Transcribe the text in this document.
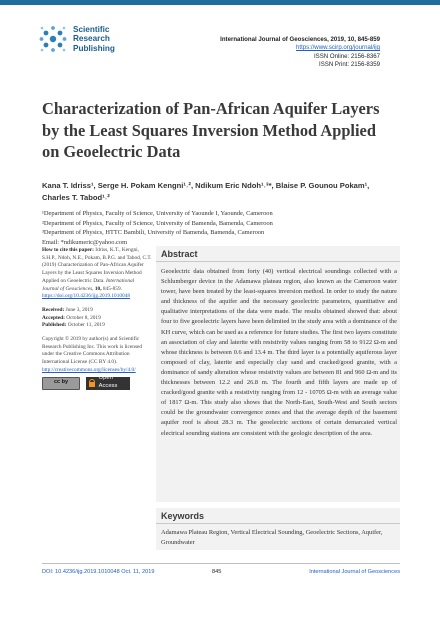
Scientific
Research
Publishing
International Journal of Geosciences, 2019, 10, 845-859
https://www.scirp.org/journal/ijg
ISSN Online: 2156-8367
ISSN Print: 2156-8359
Characterization of Pan-African Aquifer Layers by the Least Squares Inversion Method Applied on Geoelectric Data
Kana T. Idriss¹, Serge H. Pokam Kengni¹˒², Ndikum Eric Ndoh¹˒³*, Blaise P. Gounou Pokam¹,
Charles T. Tabod¹˒²
¹Department of Physics, Faculty of Science, University of Yaounde I, Yaounde, Cameroon
²Department of Physics, Faculty of Science, University of Bamenda, Bamenda, Cameroon
³Department of Physics, HTTC Bambili, University of Bamenda, Bamenda, Cameroon
Email: *ndikumeric@yahoo.com
How to cite this paper: Idriss, K.T., Kengni, S.H.P., Ndoh, N.E., Pokam, B.P.G. and Tabod, C.T. (2019) Characterization of Pan-African Aquifer Layers by the Least Squares Inversion Method Applied on Geoelectric Data. International Journal of Geosciences, 10, 845-859.
https://doi.org/10.4236/ijg.2019.1010048
Received: June 3, 2019
Accepted: October 8, 2019
Published: October 11, 2019
Copyright © 2019 by author(s) and Scientific Research Publishing Inc. This work is licensed under the Creative Commons Attribution International License (CC BY 4.0).
http://creativecommons.org/licenses/by/4.0/
cc by
Open Access
Abstract
Geoelectric data obtained from forty (40) vertical electrical soundings collected with a Schlumberger device in the Adamawa plateau region, also known as the Cameroon water tower, have been treated by the least-squares inversion method. In order to study the nature and thickness of the aquifer and the necessary geoelectric parameters, quantitative and qualitative interpretations of the data were made. The results obtained showed that: about four to five geoelectric layers have been delimited in the study area with a dominance of the KH curve, which can be used as a reference for future studies. The first two layers constitute an association of clay and laterite with resistivity values ranging from 58 to 9122 Ω-m and whose thickness is between 0.6 and 13.4 m. The third layer is a potentially aquiferous layer composed of clay, laterite and especially clay sand and cracked/good granite, with a dominance of sandy alteration whose resistivity values are between 81 and 960 Ω-m and its thicknesses between 12.2 and 26.8 m. The fourth and fifth layers are made up of cracked/good granite with a resistivity ranging from 12 - 10705 Ω-m with an average value of 1817 Ω-m. This study also shows that the North-East, South-West and South sectors could be the groundwater convergence zones and that the average depth of the basement aquifer roof is about 28.3 m. The geoelectric sections of certain demarcated vertical electrical sounding stations are consistent with the geologic description of the area.
Keywords
Adamawa Plateau Region, Vertical Electrical Sounding, Geoelectric Sections, Aquifer, Groundwater
DOI: 10.4236/ijg.2019.1010048 Oct. 11, 2019	845	International Journal of Geosciences
